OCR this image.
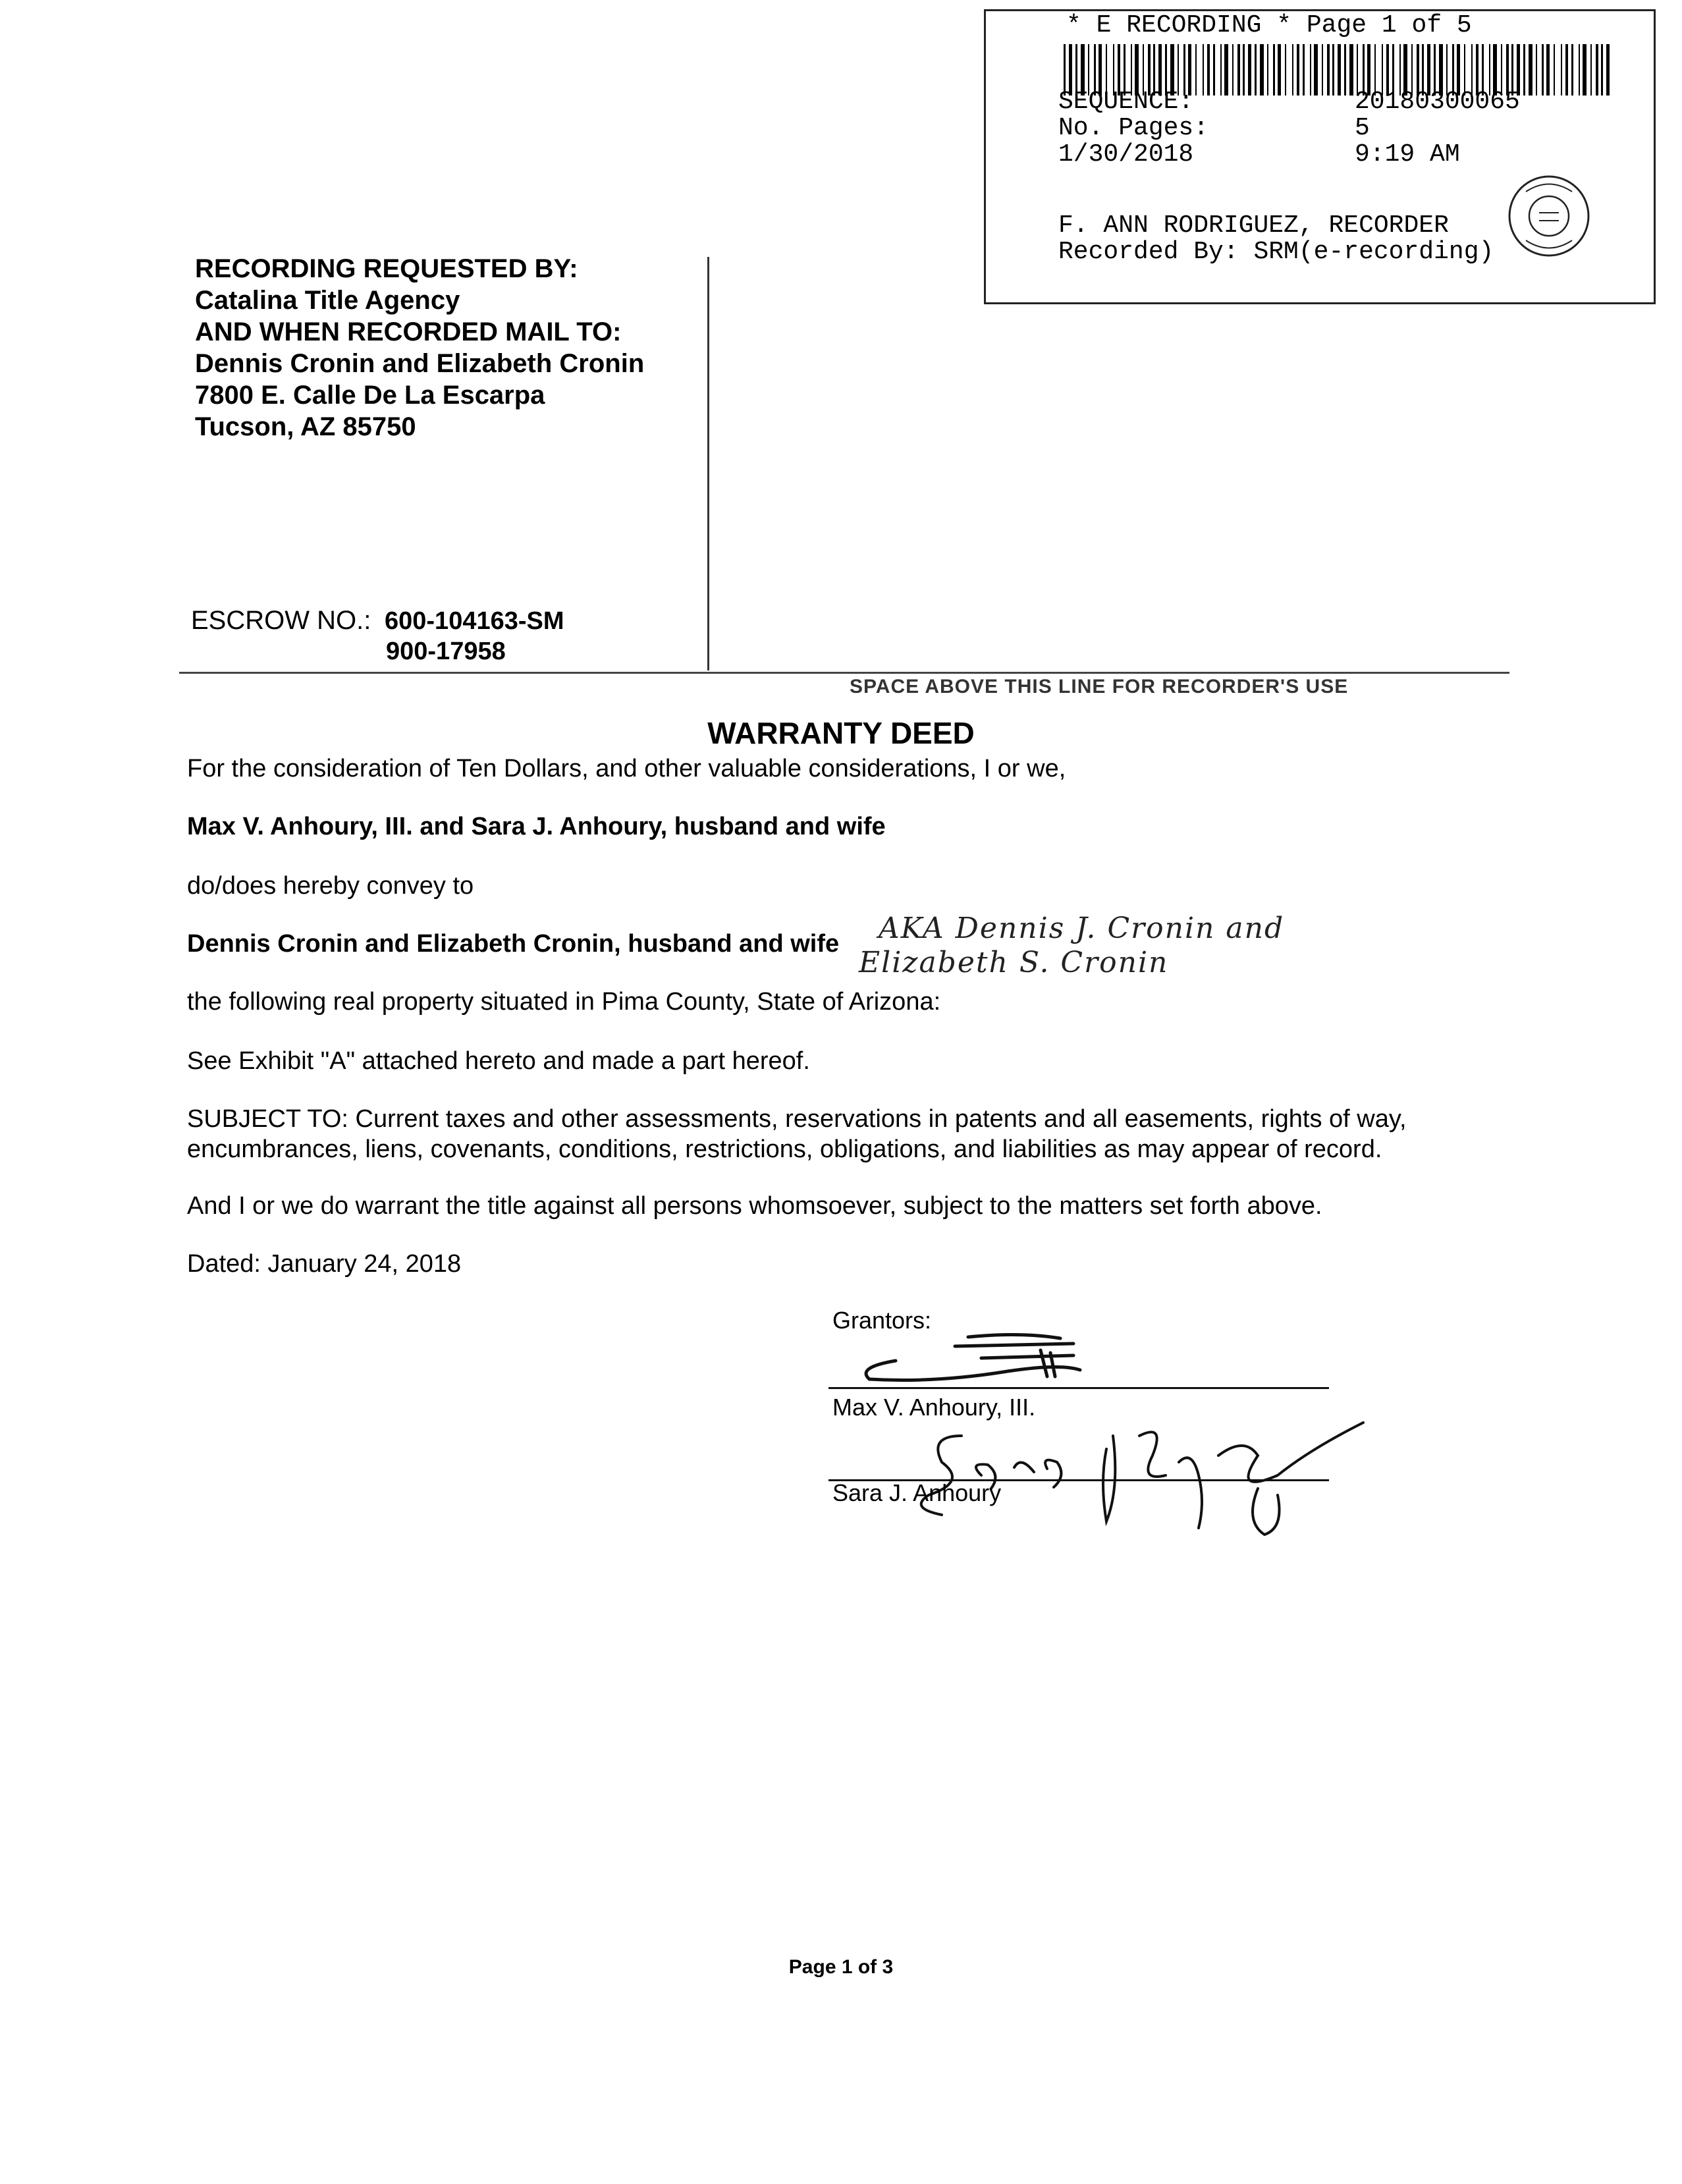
* E RECORDING * Page 1 of 5
SEQUENCE:	20180300065
No. Pages:	5
1/30/2018	9:19 AM
F. ANN RODRIGUEZ, RECORDER
Recorded By: SRM(e-recording)
RECORDING REQUESTED BY:
Catalina Title Agency
AND WHEN RECORDED MAIL TO:
Dennis Cronin and Elizabeth Cronin
7800 E. Calle De La Escarpa
Tucson, AZ 85750
ESCROW NO.: 600-104163-SM
900-17958
SPACE ABOVE THIS LINE FOR RECORDER'S USE
WARRANTY DEED
For the consideration of Ten Dollars, and other valuable considerations, I or we,
Max V. Anhoury, III. and Sara J. Anhoury, husband and wife
do/does hereby convey to
Dennis Cronin and Elizabeth Cronin, husband and wife AKA Dennis J. Cronin and
Elizabeth S. Cronin
the following real property situated in Pima County, State of Arizona:
See Exhibit "A" attached hereto and made a part hereof.
SUBJECT TO: Current taxes and other assessments, reservations in patents and all easements, rights of way,
encumbrances, liens, covenants, conditions, restrictions, obligations, and liabilities as may appear of record.
And I or we do warrant the title against all persons whomsoever, subject to the matters set forth above.
Dated: January 24, 2018
Grantors:
Max V. Anhoury, III.
Sara J. Anhoury
Page 1 of 3
